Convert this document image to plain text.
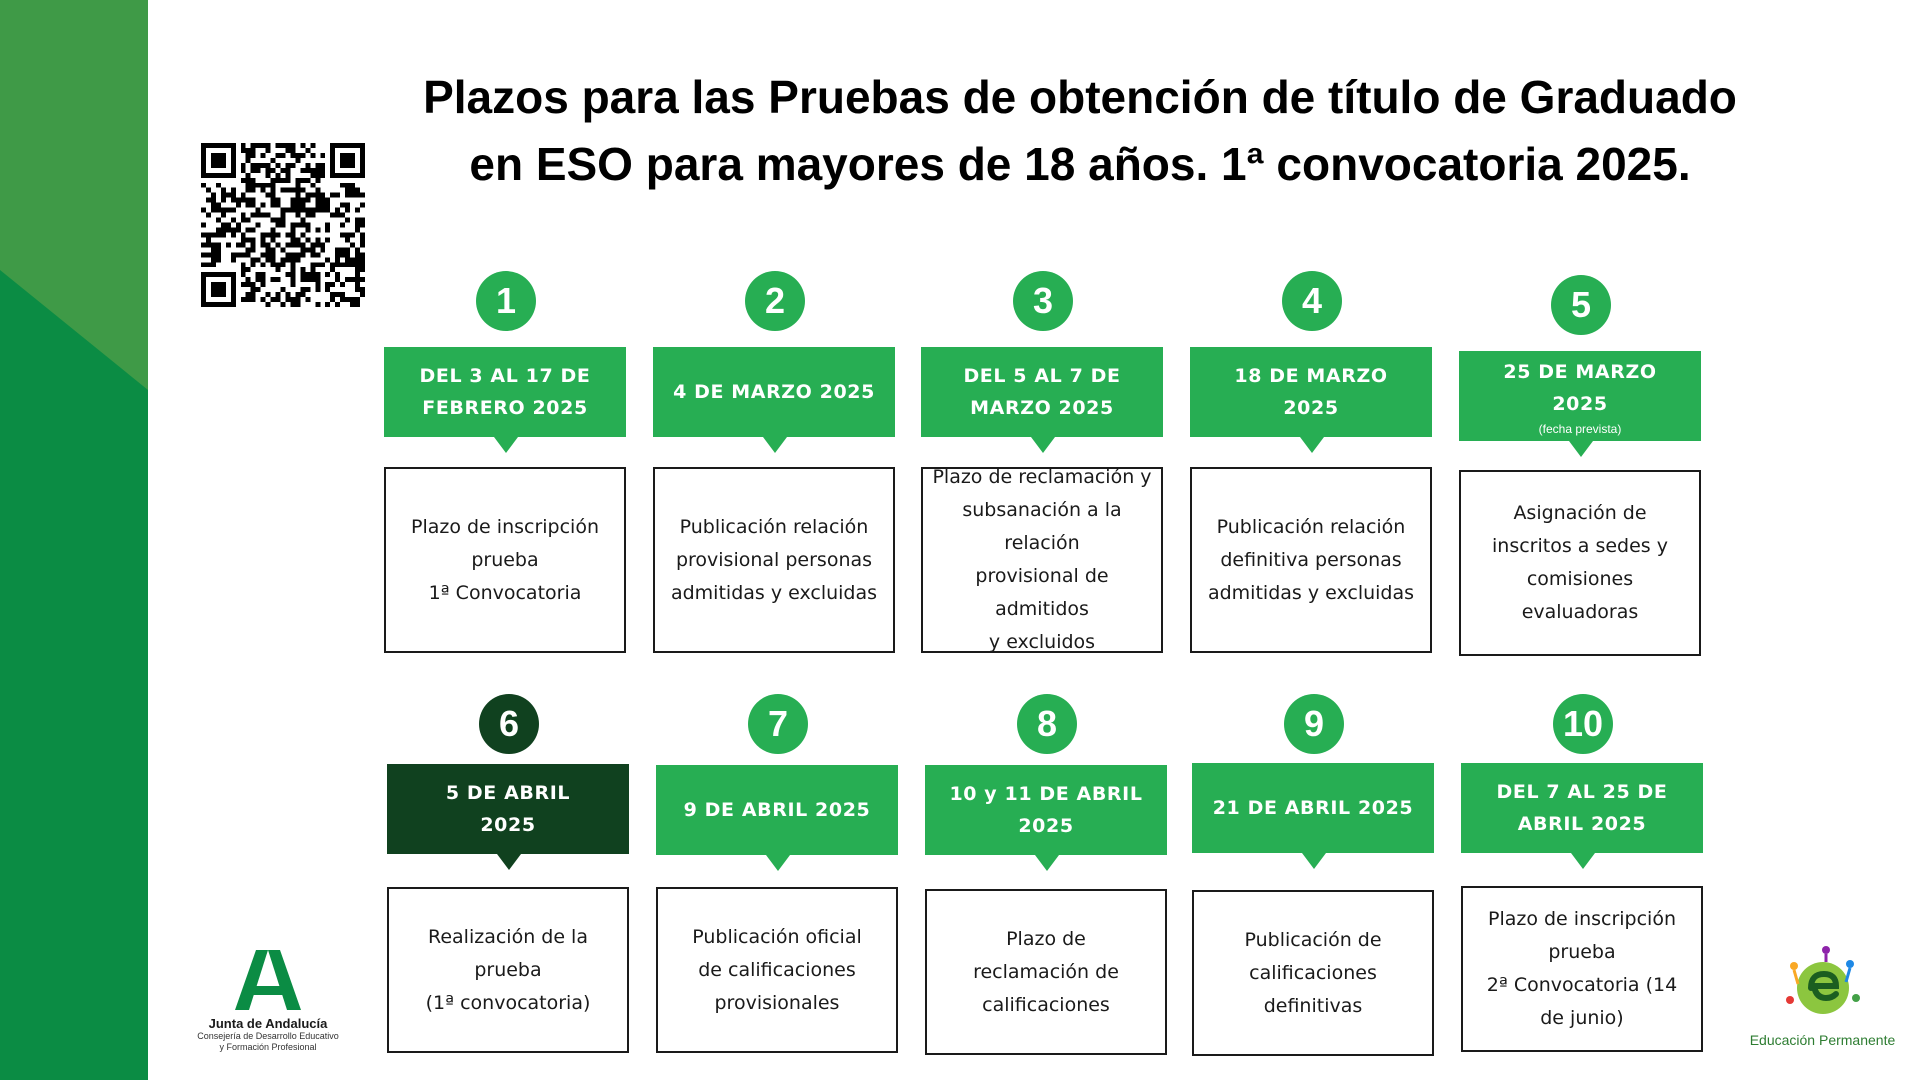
Plazos para las Pruebas de obtención de título de Graduado
en ESO para mayores de 18 años. 1ª convocatoria 2025.
1
DEL 3 AL 17 DE
FEBRERO 2025
Plazo de inscripción
prueba
1ª Convocatoria
2
4 DE MARZO 2025
Publicación relación
provisional personas
admitidas y excluidas
3
DEL 5 AL 7 DE
MARZO 2025
Plazo de reclamación y
subsanación a la relación
provisional de admitidos
y excluidos
4
18 DE MARZO
2025
Publicación relación
definitiva personas
admitidas y excluidas
5
25 DE MARZO
2025
(fecha prevista)
Asignación de
inscritos a sedes y
comisiones
evaluadoras
6
5 DE ABRIL
2025
Realización de la
prueba
(1ª convocatoria)
7
9 DE ABRIL 2025
Publicación oficial
de calificaciones
provisionales
8
10 y 11 DE ABRIL
2025
Plazo de
reclamación de
calificaciones
9
21 DE ABRIL 2025
Publicación de
calificaciones
definitivas
10
DEL 7 AL 25 DE
ABRIL 2025
Plazo de inscripción
prueba
2ª Convocatoria (14
de junio)
Junta de Andalucía
Consejería de Desarrollo Educativo
y Formación Profesional	Educación Permanente
